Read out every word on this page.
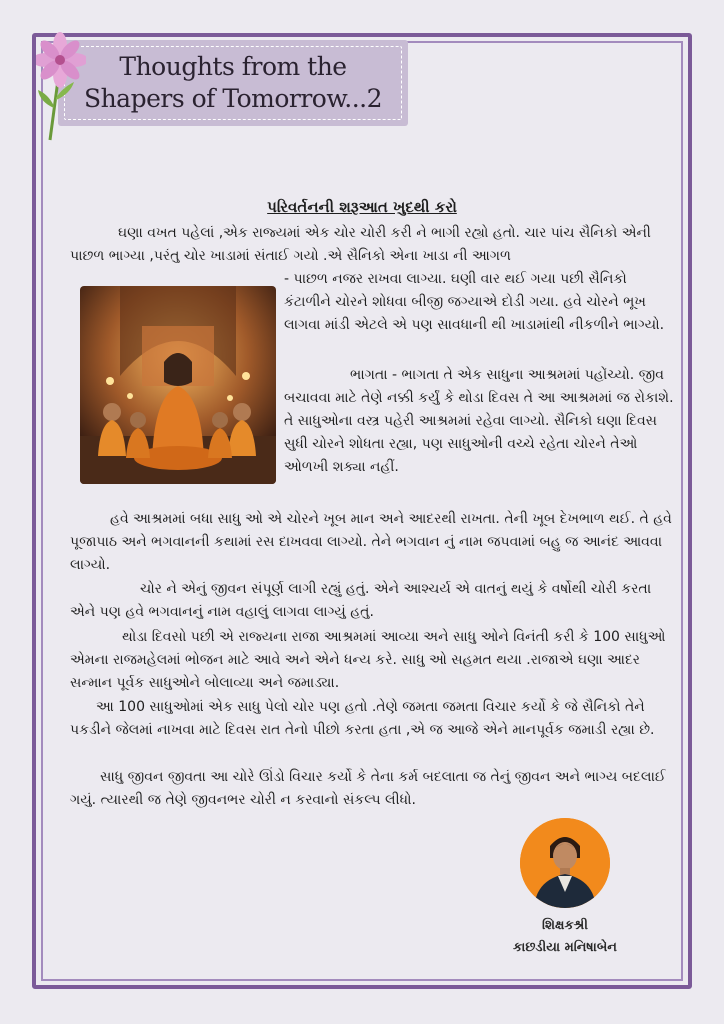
Thoughts from the
Shapers of Tomorrow...2
પરિવર્તનની શરૂઆત ખુદથી કરો

ઘણા વખત પહેલાં ,એક રાજ્યમાં એક ચોર ચોરી કરી ને ભાગી રહ્યો હતો. ચાર પાંચ સૈનિકો એની પાછળ ભાગ્યા ,પરંતુ ચોર ખાડામાં સંતાઈ ગયો .એ સૈનિકો એના ખાડા ની આગળ

- પાછળ નજર રાખવા લાગ્યા. ઘણી વાર થઈ ગયા પછી સૈનિકો કંટાળીને ચોરને શોધવા બીજી જગ્યાએ દોડી ગયા. હવે ચોરને ભૂખ લાગવા માંડી એટલે એ પણ સાવધાની થી ખાડામાંથી નીકળીને ભાગ્યો.

ભાગતા - ભાગતા તે એક સાધુના આશ્રમમાં પહોંચ્યો. જીવ બચાવવા માટે તેણે નક્કી કર્યું કે થોડા દિવસ તે આ આશ્રમમાં જ રોકાશે. તે સાધુઓના વસ્ત્ર પહેરી આશ્રમમાં રહેવા લાગ્યો. સૈનિકો ઘણા દિવસ સુધી ચોરને શોધતા રહ્યા, પણ સાધુઓની વચ્ચે રહેતા ચોરને તેઓ ઓળખી શક્યા નહીં.

હવે આશ્રમમાં બધા સાધુ ઓ એ ચોરને ખૂબ માન અને આદરથી રાખતા. તેની ખૂબ દેખભાળ થઈ. તે હવે પૂજાપાઠ અને ભગવાનની કથામાં રસ દાખવવા લાગ્યો. તેને ભગવાન નું નામ જપવામાં બહુ જ આનંદ આવવા લાગ્યો.

ચોર ને એનું જીવન સંપૂર્ણ લાગી રહ્યું હતું. એને આશ્ચર્ય એ વાતનું થયું કે વર્ષોથી ચોરી કરતા એને પણ હવે ભગવાનનું નામ વહાલું લાગવા લાગ્યું હતું.

થોડા દિવસો પછી એ રાજ્યના રાજા આશ્રમમાં આવ્યા અને સાધુ ઓને વિનંતી કરી કે 100 સાધુઓ એમના રાજમહેલમાં ભોજન માટે આવે અને એને ધન્ય કરે. સાધુ ઓ સહમત થયા .રાજાએ ઘણા આદર સન્માન પૂર્વક સાધુઓને બોલાવ્યા અને જમાડ્યા.

આ 100 સાધુઓમાં એક સાધુ પેલો ચોર પણ હતો .તેણે જમતા જમતા વિચાર કર્યો કે જે સૈનિકો તેને પકડીને જેલમાં નાખવા માટે દિવસ રાત તેનો પીછો કરતા હતા ,એ જ આજે એને માનપૂર્વક જમાડી રહ્યા છે.

સાધુ જીવન જીવતા આ ચોરે ઊંડો વિચાર કર્યો કે તેના કર્મ બદલાતા જ તેનું જીવન અને ભાગ્ય બદલાઈ ગયું. ત્યારથી જ તેણે જીવનભર ચોરી ન કરવાનો સંકલ્પ લીધો.

શિક્ષકશ્રી
કાછડીયા મનિષાબેન
